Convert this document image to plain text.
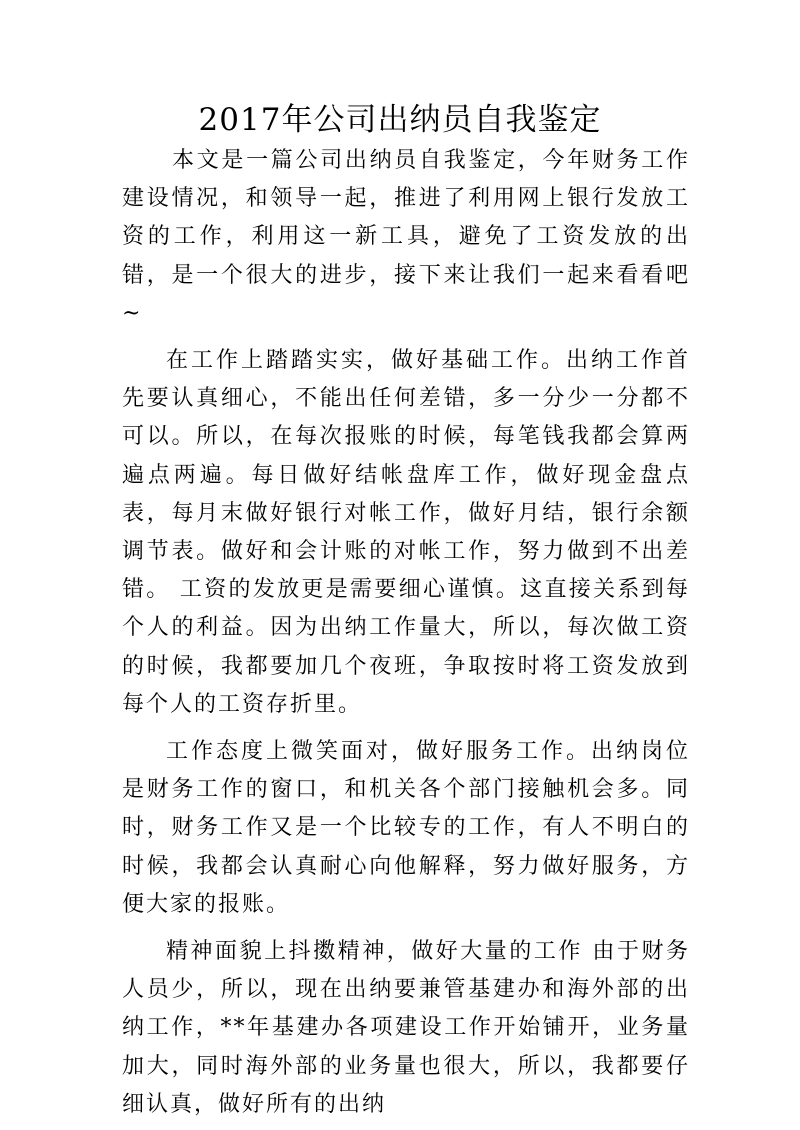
2017年公司出纳员自我鉴定

本文是一篇公司出纳员自我鉴定，今年财务工作建设情况，和领导一起，推进了利用网上银行发放工资的工作，利用这一新工具，避免了工资发放的出错，是一个很大的进步，接下来让我们一起来看看吧~

在工作上踏踏实实，做好基础工作。出纳工作首先要认真细心，不能出任何差错，多一分少一分都不可以。所以，在每次报账的时候，每笔钱我都会算两遍点两遍。每日做好结帐盘库工作，做好现金盘点表，每月末做好银行对帐工作，做好月结，银行余额调节表。做好和会计账的对帐工作，努力做到不出差错。 工资的发放更是需要细心谨慎。这直接关系到每个人的利益。因为出纳工作量大，所以，每次做工资的时候，我都要加几个夜班，争取按时将工资发放到每个人的工资存折里。

工作态度上微笑面对，做好服务工作。出纳岗位是财务工作的窗口，和机关各个部门接触机会多。同时，财务工作又是一个比较专的工作，有人不明白的时候，我都会认真耐心向他解释，努力做好服务，方便大家的报账。

精神面貌上抖擞精神，做好大量的工作 由于财务人员少，所以，现在出纳要兼管基建办和海外部的出纳工作，**年基建办各项建设工作开始铺开，业务量加大，同时海外部的业务量也很大，所以，我都要仔细认真，做好所有的出纳
